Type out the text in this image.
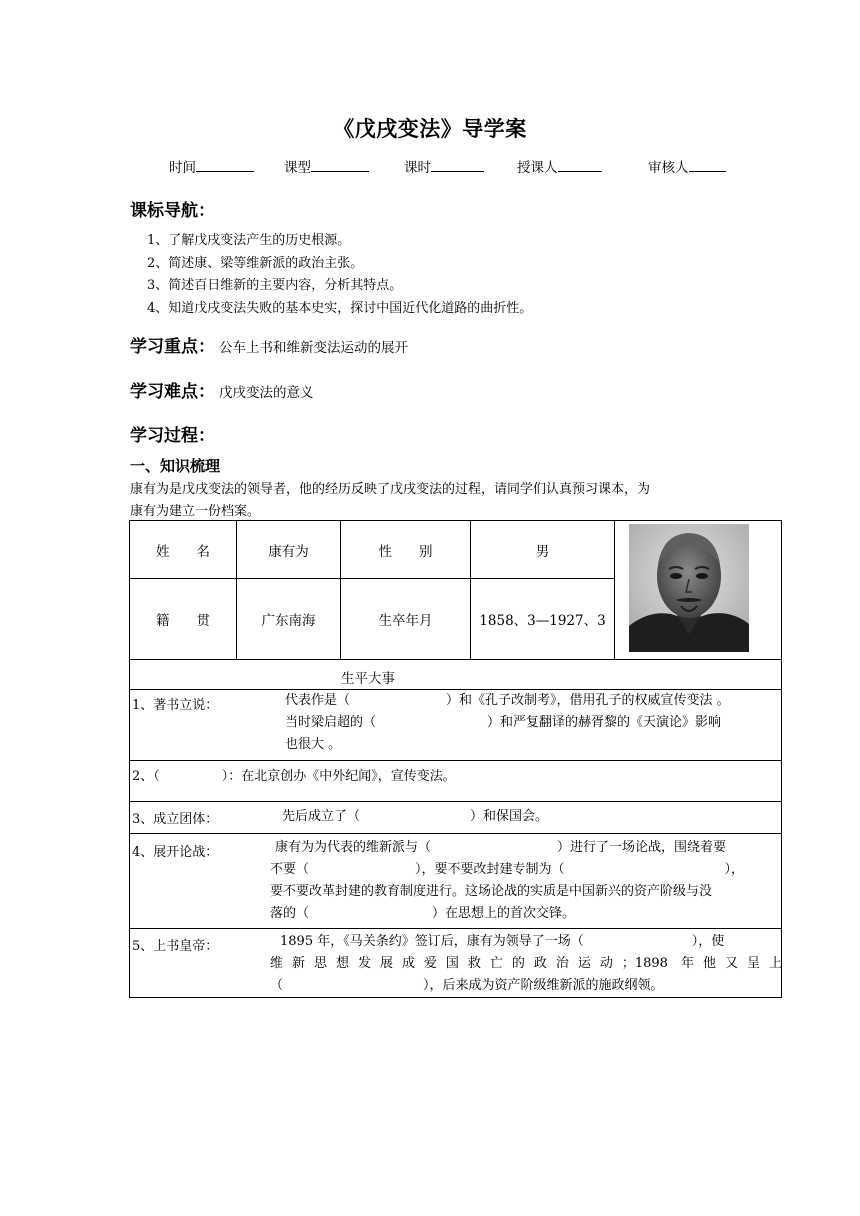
《戊戌变法》导学案
时间	课型	课时	授课人	审核人
课标导航：
1、了解戊戌变法产生的历史根源。
2、简述康、梁等维新派的政治主张。
3、简述百日维新的主要内容，分析其特点。
4、知道戊戌变法失败的基本史实，探讨中国近代化道路的曲折性。
学习重点： 公车上书和维新变法运动的展开
学习难点： 戊戌变法的意义
学习过程：
一、知识梳理
康有为是戊戌变法的领导者，他的经历反映了戊戌变法的过程，请同学们认真预习课本，为
康有为建立一份档案。
姓　　名	康有为	性　　别	男
籍　　贯	广东南海	生卒年月	1858、3—1927、3
生平大事
1、著书立说：	代表作是（	）和《孔子改制考》，借用孔子的权威宣传变法 。
当时梁启超的（	）和严复翻译的赫胥黎的《天演论》影响
也很大 。
2、（	）：在北京创办《中外纪闻》，宣传变法。
3、成立团体：	先后成立了（	）和保国会。
4、展开论战：	康有为为代表的维新派与（	）进行了一场论战，围绕着要
不要（	），要不要改封建专制为（	），
要不要改革封建的教育制度进行。这场论战的实质是中国新兴的资产阶级与没
落的（	）在思想上的首次交锋。
5、上书皇帝：	1895 年，《马关条约》签订后，康有为领导了一场（	），使
维新思想发展成爱国救亡的政治运动；1898 年他又呈上
（	），后来成为资产阶级维新派的施政纲领。
